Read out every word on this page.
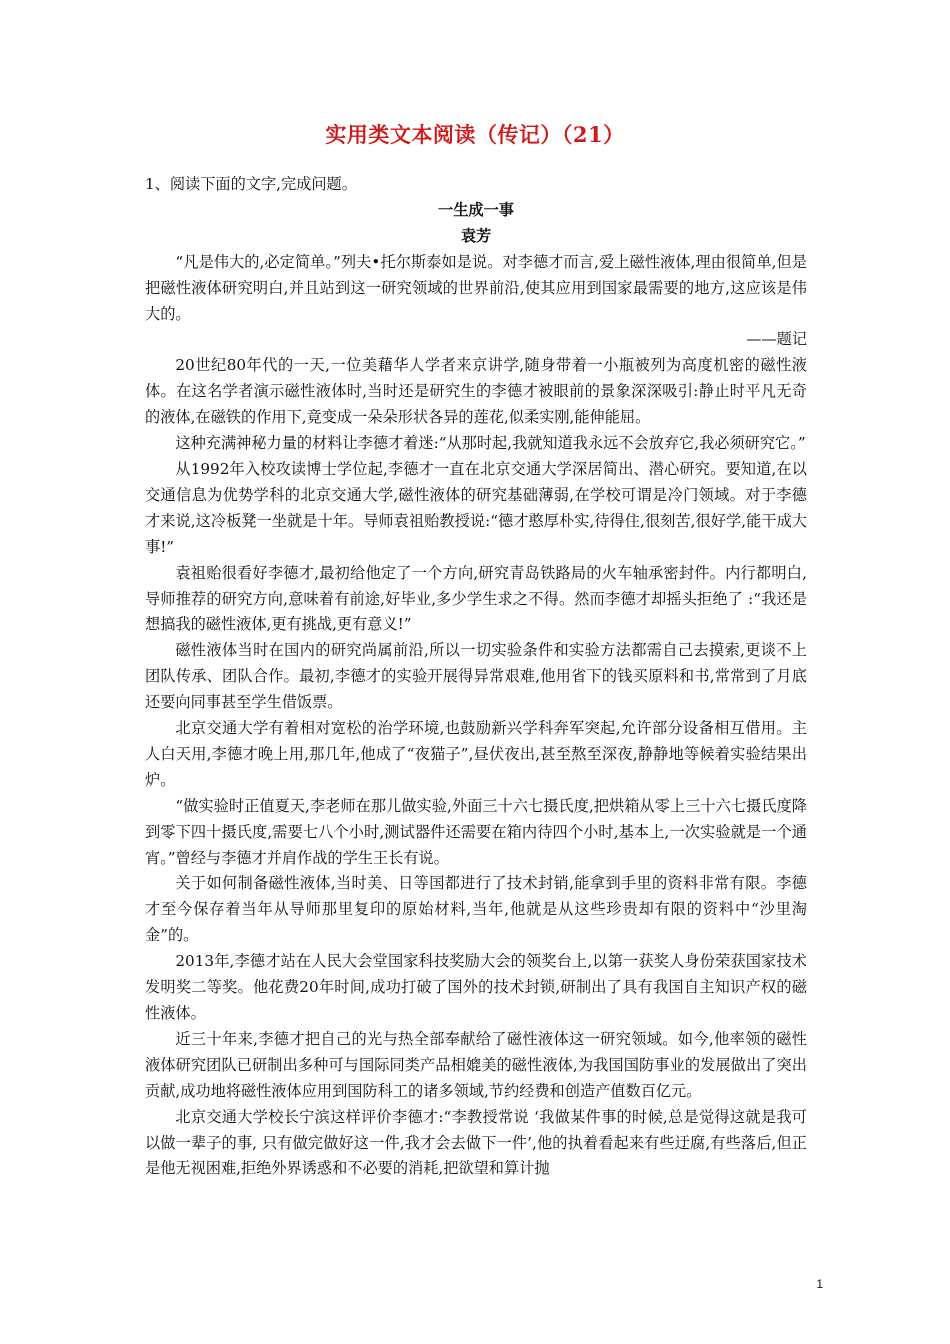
实用类文本阅读（传记）（21）

1、阅读下面的文字,完成问题。

一生成一事

袁芳

“凡是伟大的,必定简单。”列夫•托尔斯泰如是说。对李德才而言,爱上磁性液体,理由很简单,但是把磁性液体研究明白,并且站到这一研究领域的世界前沿,使其应用到国家最需要的地方,这应该是伟大的。

——题记

20世纪80年代的一天,一位美藉华人学者来京讲学,随身带着一小瓶被列为高度机密的磁性液体。在这名学者演示磁性液体时,当时还是研究生的李德才被眼前的景象深深吸引:静止时平凡无奇的液体,在磁铁的作用下,竟变成一朵朵形状各异的莲花,似柔实刚,能伸能屈。

这种充满神秘力量的材料让李德才着迷:“从那时起,我就知道我永远不会放弃它,我必须研究它。”

从1992年入校攻读博士学位起,李德才一直在北京交通大学深居简出、潜心研究。要知道,在以交通信息为优势学科的北京交通大学,磁性液体的研究基础薄弱,在学校可谓是冷门领域。对于李德才来说,这冷板凳一坐就是十年。导师袁祖贻教授说:“德才憨厚朴实,待得住,很刻苦,很好学,能干成大事!”

袁祖贻很看好李德才,最初给他定了一个方向,研究青岛铁路局的火车轴承密封件。内行都明白,导师推荐的研究方向,意味着有前途,好毕业,多少学生求之不得。然而李德才却摇头拒绝了 :“我还是想搞我的磁性液体,更有挑战,更有意义!”

磁性液体当时在国内的研究尚属前沿,所以一切实验条件和实验方法都需自己去摸索,更谈不上团队传承、团队合作。最初,李德才的实验开展得异常艰难,他用省下的钱买原料和书,常常到了月底还要向同事甚至学生借饭票。

北京交通大学有着相对宽松的治学环境,也鼓励新兴学科奔军突起,允许部分设备相互借用。主人白天用,李德才晚上用,那几年,他成了“夜猫子”,昼伏夜出,甚至熬至深夜,静静地等候着实验结果出炉。

“做实验时正值夏天,李老师在那儿做实验,外面三十六七摄氏度,把烘箱从零上三十六七摄氏度降到零下四十摄氏度,需要七八个小时,测试器件还需要在箱内待四个小时,基本上,一次实验就是一个通宵。”曾经与李德才并肩作战的学生王长有说。

关于如何制备磁性液体,当时美、日等国都进行了技术封销,能拿到手里的资料非常有限。李德才至今保存着当年从导师那里复印的原始材料,当年,他就是从这些珍贵却有限的资料中“沙里淘金”的。

2013年,李德才站在人民大会堂国家科技奖励大会的领奖台上,以第一获奖人身份荣获国家技术发明奖二等奖。他花费20年时间,成功打破了国外的技术封锁,研制出了具有我国自主知识产权的磁性液体。

近三十年来,李德才把自己的光与热全部奉献给了磁性液体这一研究领域。如今,他率领的磁性液体研究团队已研制出多种可与国际同类产品相媲美的磁性液体,为我国国防事业的发展做出了突出贡献,成功地将磁性液体应用到国防科工的诸多领域,节约经费和创造产值数百亿元。

北京交通大学校长宁滨这样评价李德才:“李教授常说 ‘我做某件事的时候,总是觉得这就是我可以做一辈子的事, 只有做完做好这一件,我才会去做下一件’,他的执着看起来有些迂腐,有些落后,但正是他无视困难,拒绝外界诱惑和不必要的消耗,把欲望和算计抛

1
